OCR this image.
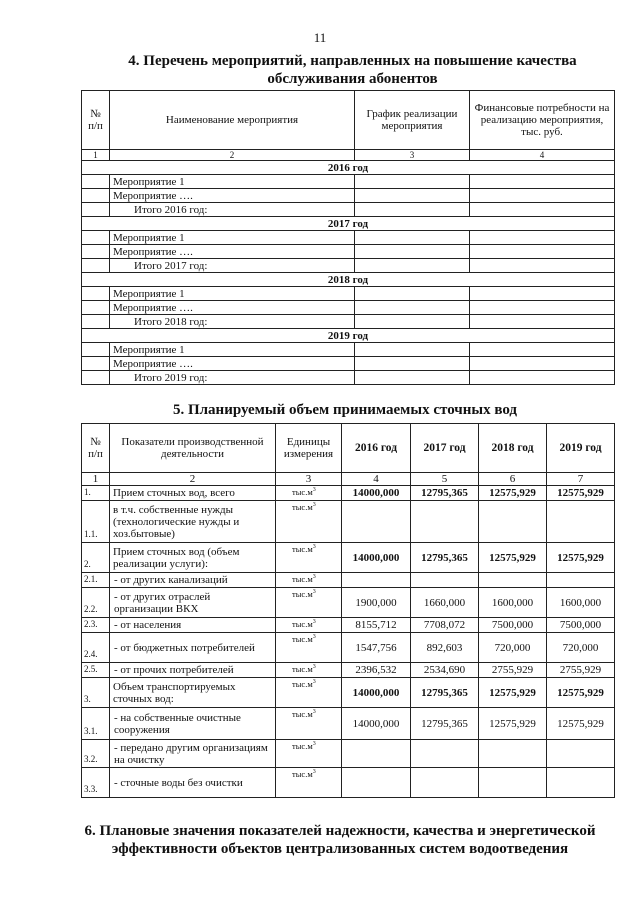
11
4. Перечень мероприятий, направленных на повышение качества обслуживания абонентов
№ п/п	Наименование мероприятия	График реализации мероприятия	Финансовые потребности на реализацию мероприятия, тыс. руб.
1	2	3	4
2016 год			
	Мероприятие 1		
	Мероприятие ….		
	Итого 2016 год:		
2017 год			
	Мероприятие 1		
	Мероприятие ….		
	Итого 2017 год:		
2018 год			
	Мероприятие 1		
	Мероприятие ….		
	Итого 2018 год:		
2019 год			
	Мероприятие 1		
	Мероприятие ….		
	Итого 2019 год:		
5. Планируемый объем принимаемых сточных вод
№ п/п	Показатели производственной деятельности	Единицы измерения	2016 год	2017 год	2018 год	2019 год
1	2	3	4	5	6	7
1.	Прием сточных вод, всего	$тыс.м^3$	14000,000	12795,365	12575,929	12575,929
1.1.	в т.ч. собственные нужды (технологические нужды и хоз.бытовые)	$тыс.м^3$				
2.	Прием сточных вод (объем реализации услуги):	$тыс.м^3$	14000,000	12795,365	12575,929	12575,929
2.1.	- от других канализаций	$тыс.м^3$				
2.2.	- от других отраслей организации ВКХ	$тыс.м^3$	1900,000	1660,000	1600,000	1600,000
2.3.	- от населения	$тыс.м^3$	8155,712	7708,072	7500,000	7500,000
2.4.	- от бюджетных потребителей	$тыс.м^3$	1547,756	892,603	720,000	720,000
2.5.	- от прочих потребителей	$тыс.м^3$	2396,532	2534,690	2755,929	2755,929
3.	Объем транспортируемых сточных вод:	$тыс.м^3$	14000,000	12795,365	12575,929	12575,929
3.1.	- на собственные очистные сооружения	$тыс.м^3$	14000,000	12795,365	12575,929	12575,929
3.2.	- передано другим организациям на очистку	$тыс.м^3$				
3.3.	- сточные воды без очистки	$тыс.м^3$				
6. Плановые значения показателей надежности, качества и энергетической эффективности объектов централизованных систем водоотведения
